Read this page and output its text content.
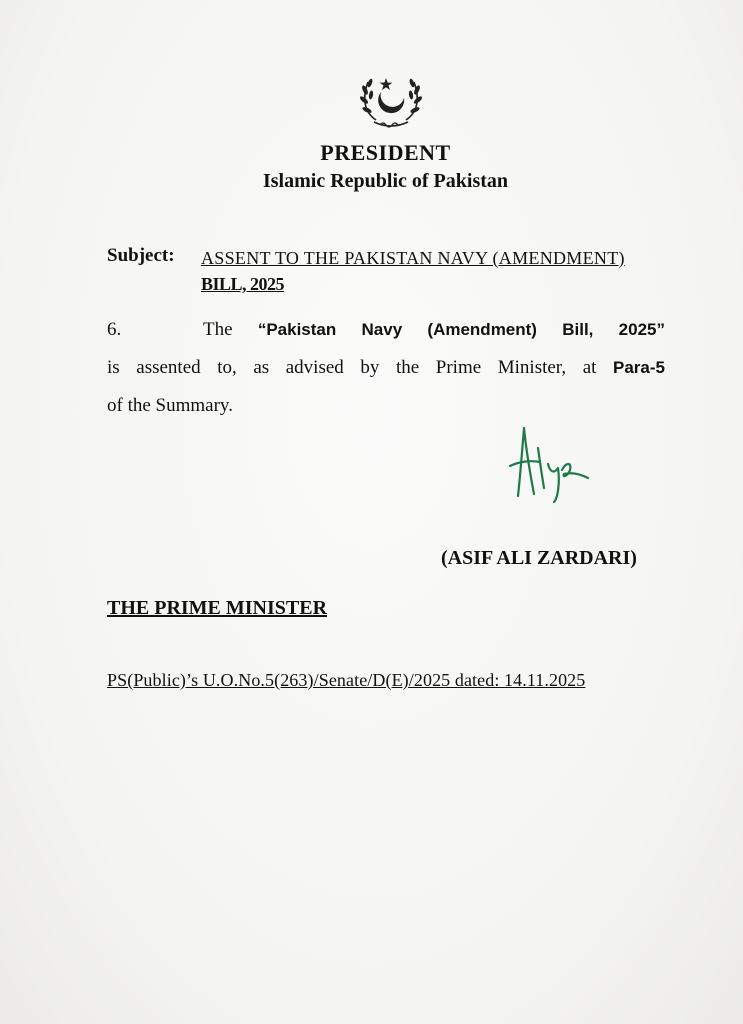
PRESIDENT
Islamic Republic of Pakistan
Subject: ASSENT TO THE PAKISTAN NAVY (AMENDMENT)
BILL, 2025
6.	The “Pakistan Navy (Amendment) Bill, 2025”
is assented to, as advised by the Prime Minister, at Para-5
of the Summary.
(ASIF ALI ZARDARI)
THE PRIME MINISTER
PS(Public)’s U.O.No.5(263)/Senate/D(E)/2025 dated: 14.11.2025
